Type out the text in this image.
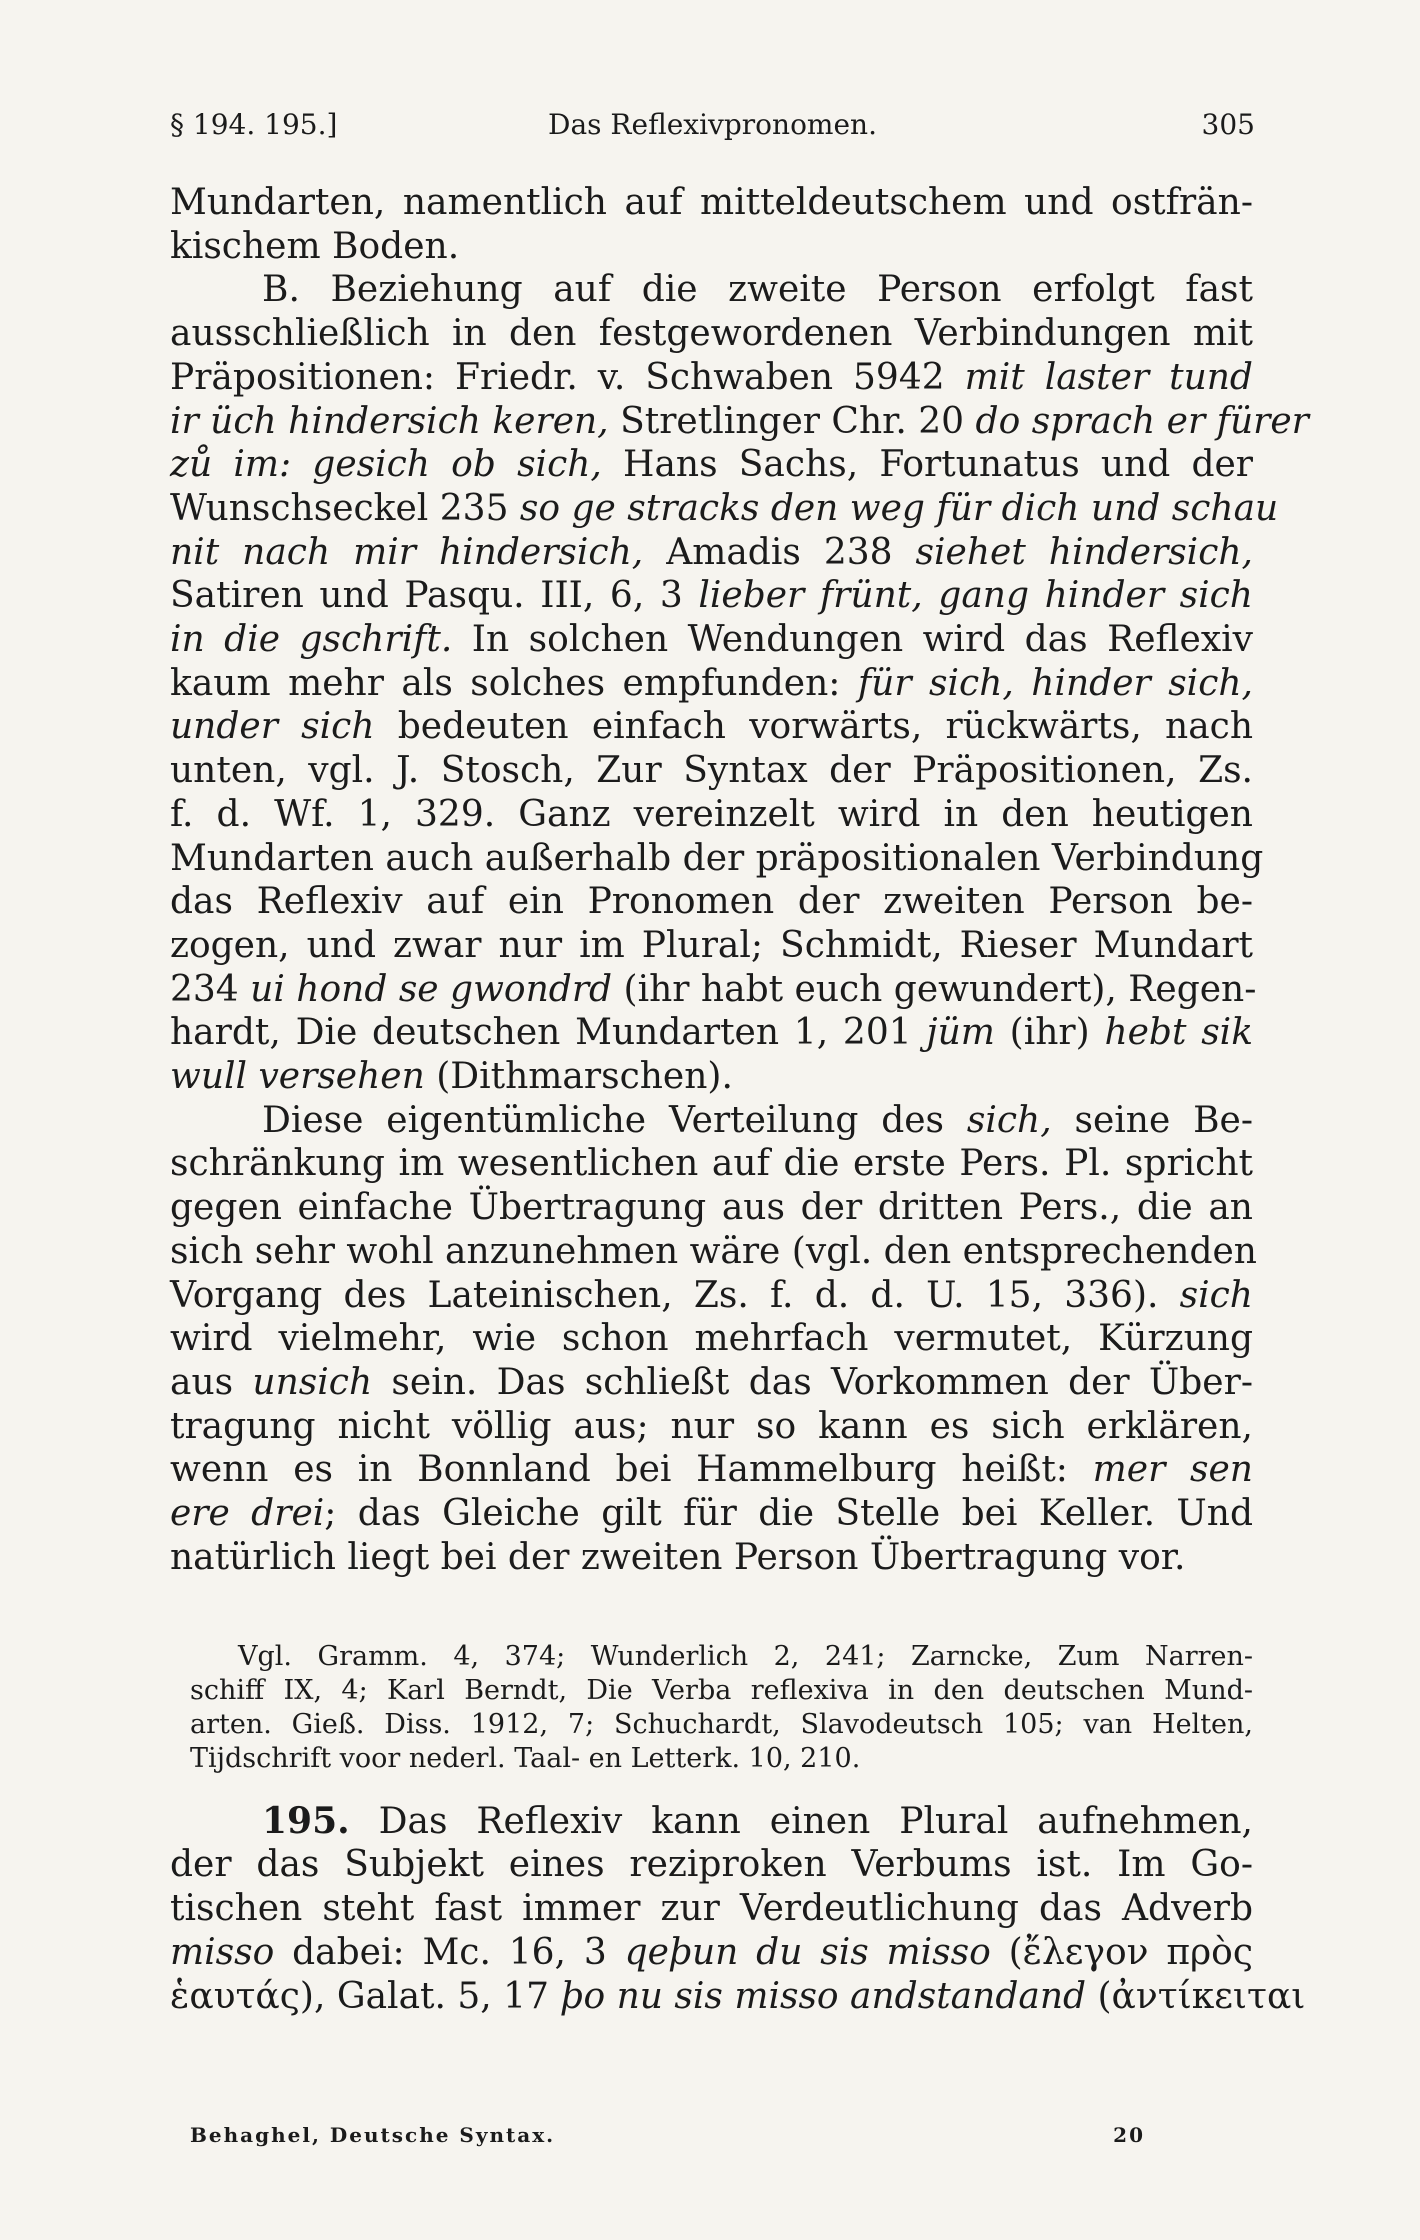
§ 194. 195.]	Das Reflexivpronomen.	305
Mundarten, namentlich auf mitteldeutschem und ostfrän-
kischem Boden.
B. Beziehung auf die zweite Person erfolgt fast
ausschließlich in den festgewordenen Verbindungen mit
Präpositionen: Friedr. v. Schwaben 5942 mit laster tund
ir üch hindersich keren, Stretlinger Chr. 20 do sprach er fürer
zů im: gesich ob sich, Hans Sachs, Fortunatus und der
Wunschseckel 235 so ge stracks den weg für dich und schau
nit nach mir hindersich, Amadis 238 siehet hindersich,
Satiren und Pasqu. III, 6, 3 lieber frünt, gang hinder sich
in die gschrift. In solchen Wendungen wird das Reflexiv
kaum mehr als solches empfunden: für sich, hinder sich,
under sich bedeuten einfach vorwärts, rückwärts, nach
unten, vgl. J. Stosch, Zur Syntax der Präpositionen, Zs.
f. d. Wf. 1, 329. Ganz vereinzelt wird in den heutigen
Mundarten auch außerhalb der präpositionalen Verbindung
das Reflexiv auf ein Pronomen der zweiten Person be-
zogen, und zwar nur im Plural; Schmidt, Rieser Mundart
234 ui hond se gwondrd (ihr habt euch gewundert), Regen-
hardt, Die deutschen Mundarten 1, 201 jüm (ihr) hebt sik
wull versehen (Dithmarschen).
Diese eigentümliche Verteilung des sich, seine Be-
schränkung im wesentlichen auf die erste Pers. Pl. spricht
gegen einfache Übertragung aus der dritten Pers., die an
sich sehr wohl anzunehmen wäre (vgl. den entsprechenden
Vorgang des Lateinischen, Zs. f. d. d. U. 15, 336). sich
wird vielmehr, wie schon mehrfach vermutet, Kürzung
aus unsich sein. Das schließt das Vorkommen der Über-
tragung nicht völlig aus; nur so kann es sich erklären,
wenn es in Bonnland bei Hammelburg heißt: mer sen
ere drei; das Gleiche gilt für die Stelle bei Keller. Und
natürlich liegt bei der zweiten Person Übertragung vor.
Vgl. Gramm. 4, 374; Wunderlich 2, 241; Zarncke, Zum Narren-
schiff IX, 4; Karl Berndt, Die Verba reflexiva in den deutschen Mund-
arten. Gieß. Diss. 1912, 7; Schuchardt, Slavodeutsch 105; van Helten,
Tijdschrift voor nederl. Taal- en Letterk. 10, 210.
195. Das Reflexiv kann einen Plural aufnehmen,
der das Subjekt eines reziproken Verbums ist. Im Go-
tischen steht fast immer zur Verdeutlichung das Adverb
misso dabei: Mc. 16, 3 qeþun du sis misso (ἔλεγον πρὸς
ἑαυτάς), Galat. 5, 17 þo nu sis misso andstandand (ἀντίκειται
Behaghel, Deutsche Syntax.	20
